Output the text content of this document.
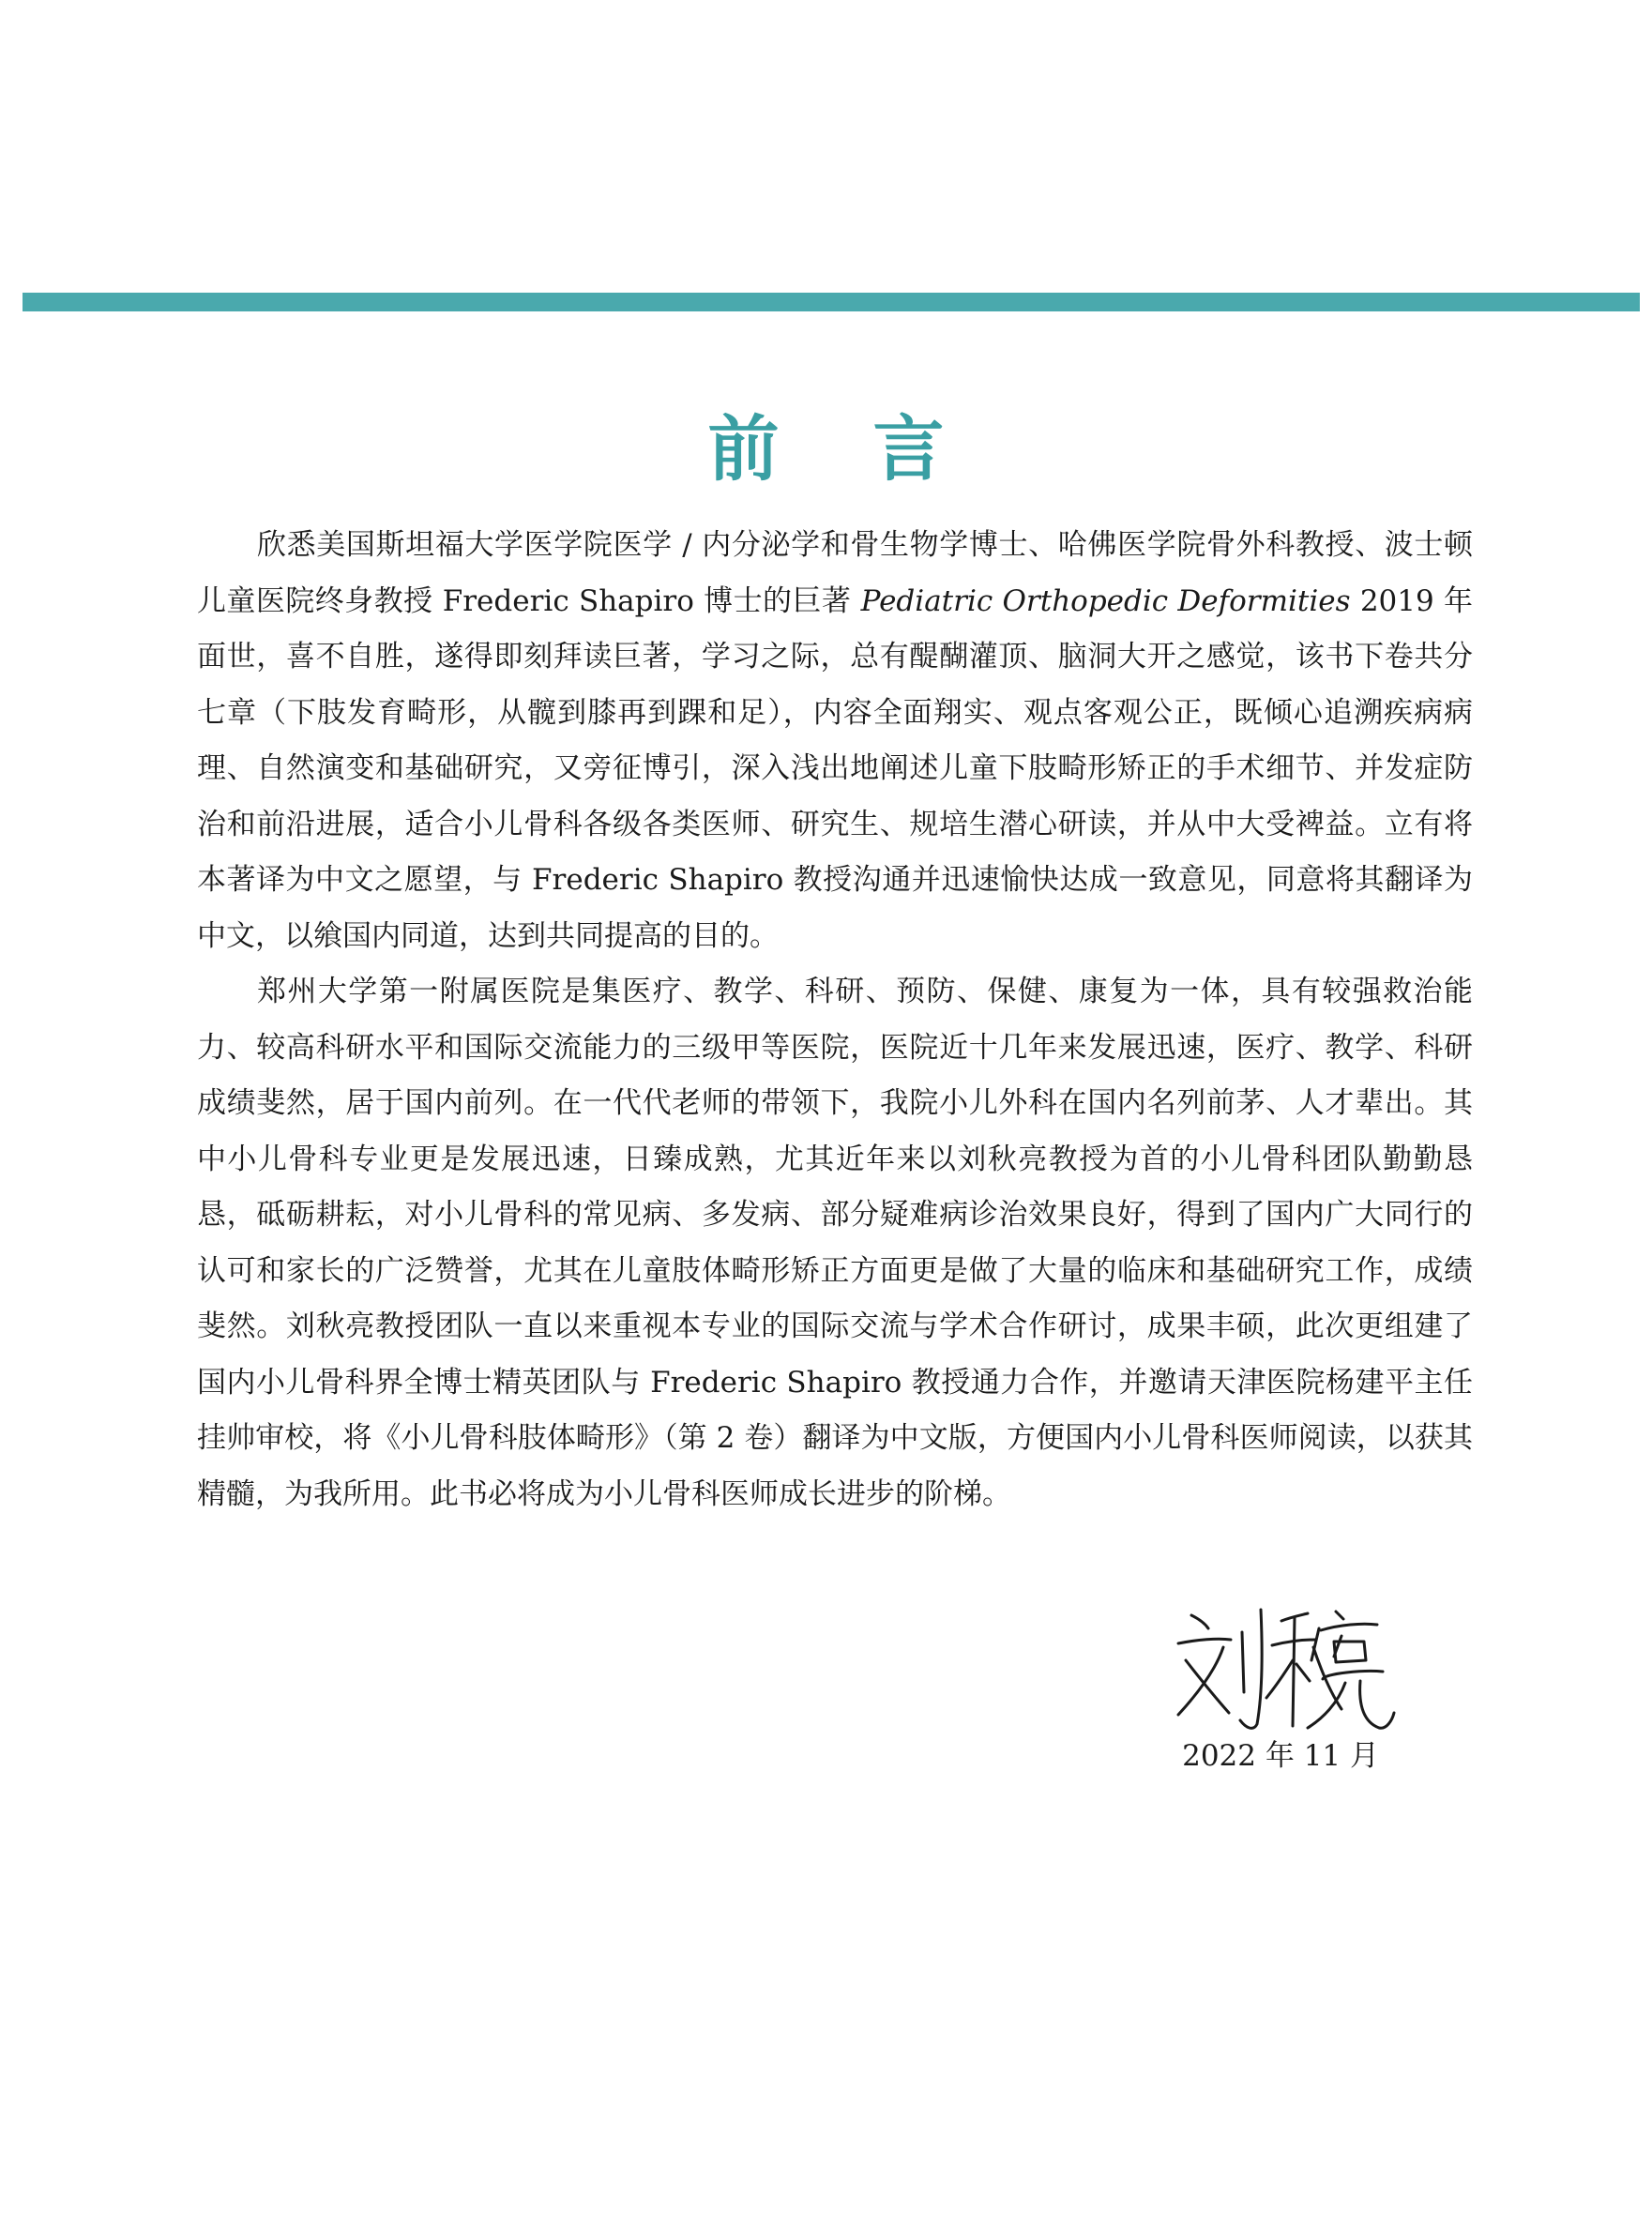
前言

欣悉美国斯坦福大学医学院医学 / 内分泌学和骨生物学博士、哈佛医学院骨外科教授、波士顿儿童医院终身教授 Frederic Shapiro 博士的巨著 Pediatric Orthopedic Deformities 2019 年面世，喜不自胜，遂得即刻拜读巨著，学习之际，总有醍醐灌顶、脑洞大开之感觉，该书下卷共分七章（下肢发育畸形，从髋到膝再到踝和足），内容全面翔实、观点客观公正，既倾心追溯疾病病理、自然演变和基础研究，又旁征博引，深入浅出地阐述儿童下肢畸形矫正的手术细节、并发症防治和前沿进展，适合小儿骨科各级各类医师、研究生、规培生潜心研读，并从中大受裨益。立有将本著译为中文之愿望，与 Frederic Shapiro 教授沟通并迅速愉快达成一致意见，同意将其翻译为中文，以飨国内同道，达到共同提高的目的。

郑州大学第一附属医院是集医疗、教学、科研、预防、保健、康复为一体，具有较强救治能力、较高科研水平和国际交流能力的三级甲等医院，医院近十几年来发展迅速，医疗、教学、科研成绩斐然，居于国内前列。在一代代老师的带领下，我院小儿外科在国内名列前茅、人才辈出。其中小儿骨科专业更是发展迅速，日臻成熟，尤其近年来以刘秋亮教授为首的小儿骨科团队勤勤恳恳，砥砺耕耘，对小儿骨科的常见病、多发病、部分疑难病诊治效果良好，得到了国内广大同行的认可和家长的广泛赞誉，尤其在儿童肢体畸形矫正方面更是做了大量的临床和基础研究工作，成绩斐然。刘秋亮教授团队一直以来重视本专业的国际交流与学术合作研讨，成果丰硕，此次更组建了国内小儿骨科界全博士精英团队与 Frederic Shapiro 教授通力合作，并邀请天津医院杨建平主任挂帅审校，将《小儿骨科肢体畸形》（第 2 卷）翻译为中文版，方便国内小儿骨科医师阅读，以获其精髓，为我所用。此书必将成为小儿骨科医师成长进步的阶梯。

2022 年 11 月
